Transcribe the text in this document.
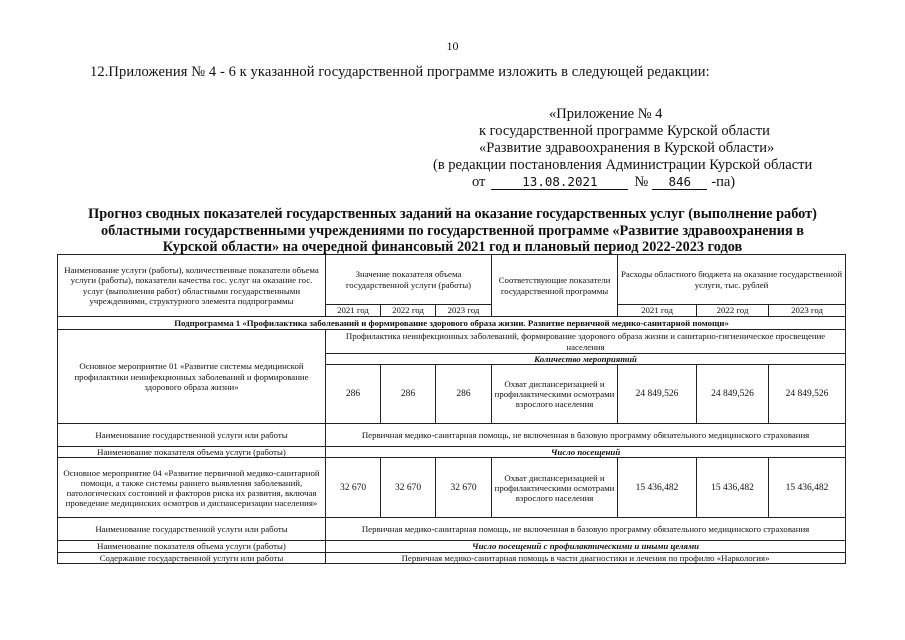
10
12.Приложения № 4 - 6 к указанной государственной программе изложить в следующей редакции:
«Приложение № 4
к государственной программе Курской области
«Развитие здравоохранения в Курской области»
(в редакции постановления Администрации Курской области
от	13.08.2021	№ 846 -па)
Прогноз сводных показателей государственных заданий на оказание государственных услуг (выполнение работ)
областными государственными учреждениями по государственной программе «Развитие здравоохранения в
Курской области» на очередной финансовый 2021 год и плановый период 2022-2023 годов
Наименование услуги (работы), количественные показатели объема услуги (работы), показатели качества гос. услуг на оказание гос. услуг (выполнения работ) областными государственными учреждениями, структурного элемента подпрограммы	Значение показателя объема государственной услуги (работы)			Соответствующие показатели государственной программы	Расходы областного бюджета на оказание государственной услуги, тыс. рублей		
	2021 год	2022 год	2023 год		2021 год	2022 год	2023 год
Подпрограмма 1 «Профилактика заболеваний и формирование здорового образа жизни. Развитие первичной медико-санитарной помощи»							
Основное мероприятие 01 «Развитие системы медицинской профилактики неинфекционных заболеваний и формирование здорового образа жизни»	Профилактика неинфекционных заболеваний, формирование здорового образа жизни и санитарно-гигиеническое просвещение населения						
	Количество мероприятий						
	286	286	286	Охват диспансеризацией и профилактическими осмотрами взрослого населения	24 849,526	24 849,526	24 849,526
Наименование государственной услуги или работы	Первичная медико-санитарная помощь, не включенная в базовую программу обязательного медицинского страхования						
Наименование показателя объема услуги (работы)	Число посещений						
Основное мероприятие 04 «Развитие первичной медико-санитарной помощи, а также системы раннего выявления заболеваний, патологических состояний и факторов риска их развития, включая проведение медицинских осмотров и диспансеризации населения»	32 670	32 670	32 670	Охват диспансеризацией и профилактическими осмотрами взрослого населения	15 436,482	15 436,482	15 436,482
Наименование государственной услуги или работы	Первичная медико-санитарная помощь, не включенная в базовую программу обязательного медицинского страхования						
Наименование показателя объема услуги (работы)	Число посещений с профилактическими и иными целями						
Содержание государственной услуги или работы	Первичная медико-санитарная помощь в части диагностики и лечения по профилю «Наркология»						
